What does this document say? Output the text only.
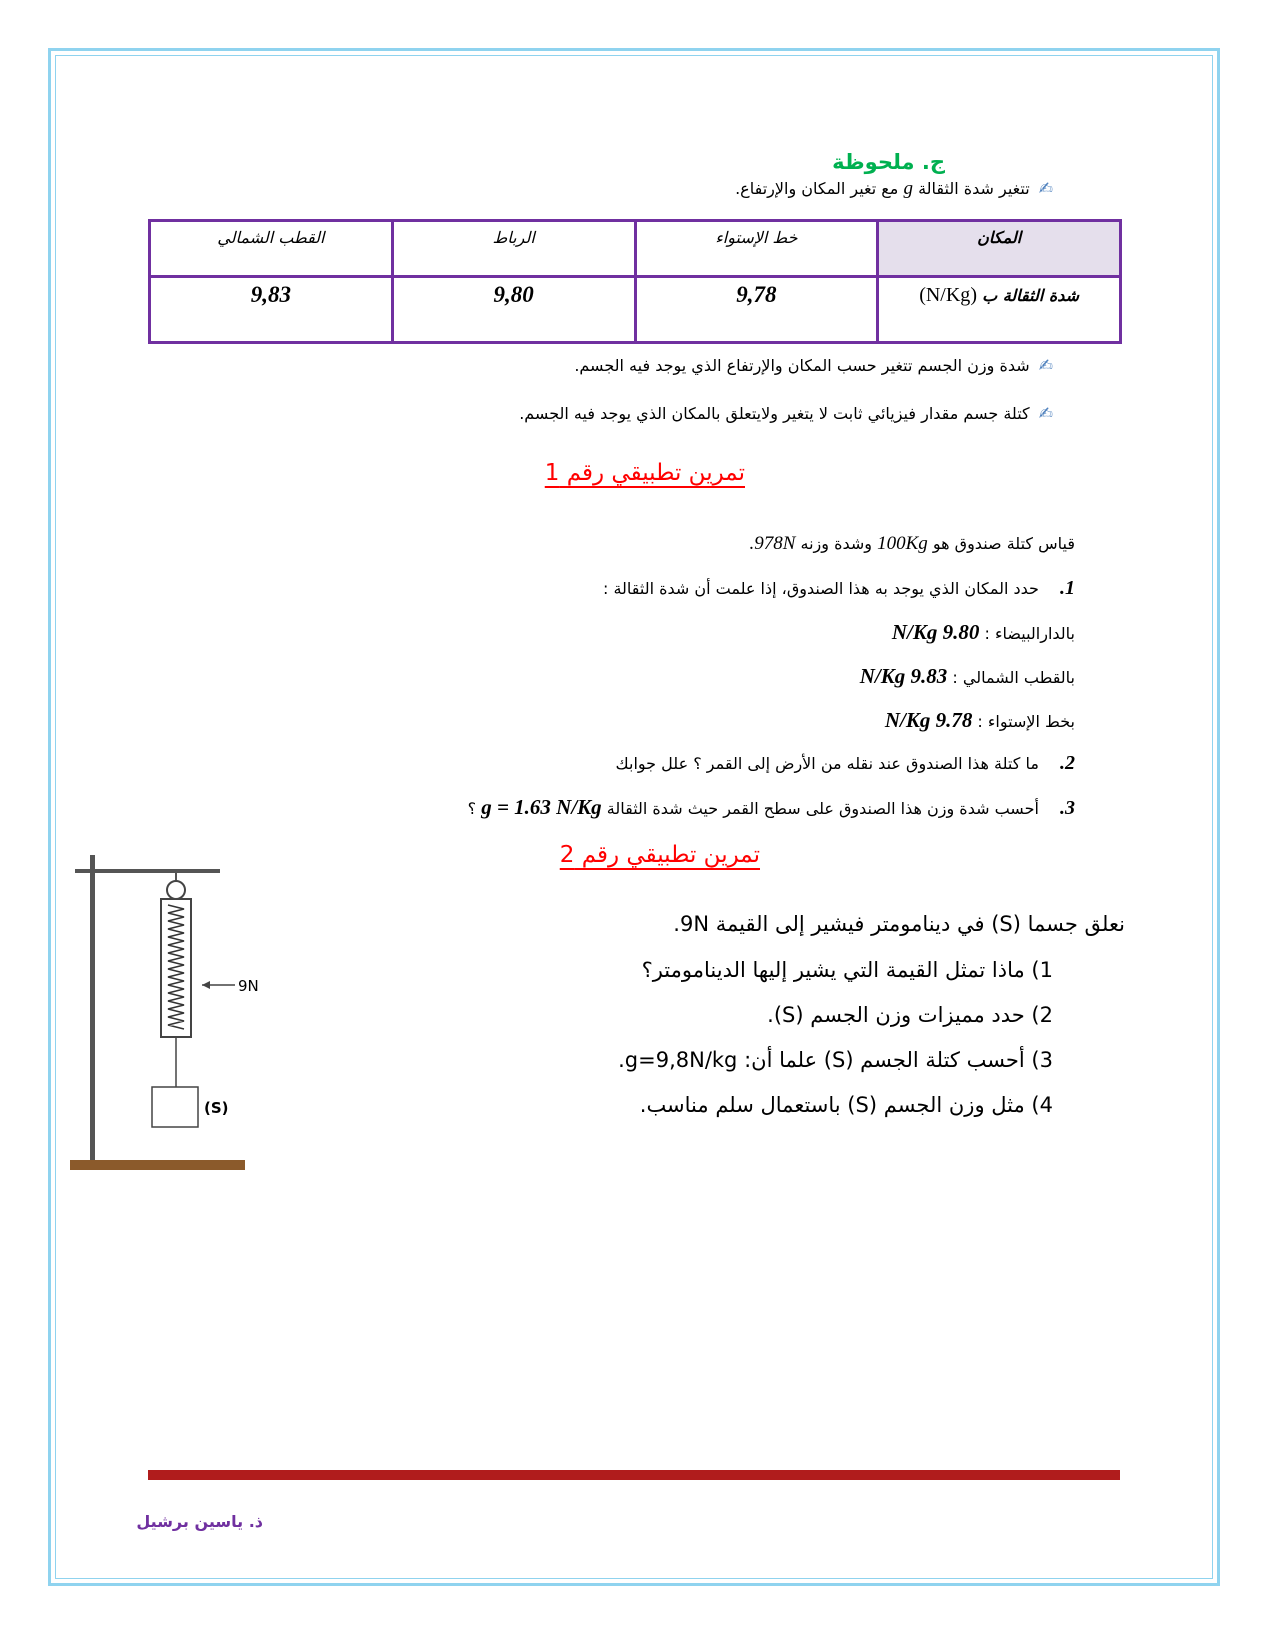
ج. ملحوظة
✍ تتغير شدة الثقالة g مع تغير المكان والإرتفاع.
المكان	خط الإستواء	الرباط	القطب الشمالي
شدة الثقالة ب (N/Kg)	9,78	9,80	9,83
✍ شدة وزن الجسم تتغير حسب المكان والإرتفاع الذي يوجد فيه الجسم.
✍ كتلة جسم مقدار فيزيائي ثابت لا يتغير ولايتعلق بالمكان الذي يوجد فيه الجسم.
تمرين تطبيقي رقم 1
قياس كتلة صندوق هو 100Kg وشدة وزنه 978N.
1. حدد المكان الذي يوجد به هذا الصندوق، إذا علمت أن شدة الثقالة :
بالدارالبيضاء : 9.80 N/Kg
بالقطب الشمالي : 9.83 N/Kg
بخط الإستواء : 9.78 N/Kg
2. ما كتلة هذا الصندوق عند نقله من الأرض إلى القمر ؟ علل جوابك
3. أحسب شدة وزن هذا الصندوق على سطح القمر حيث شدة الثقالة g = 1.63 N/Kg ؟
تمرين تطبيقي رقم 2
نعلق جسما (S) في دينامومتر فيشير إلى القيمة 9N.
1) ماذا تمثل القيمة التي يشير إليها الدينامومتر؟
2) حدد مميزات وزن الجسم (S).
3) أحسب كتلة الجسم (S) علما أن: g=9,8N/kg.
4) مثل وزن الجسم (S) باستعمال سلم مناسب.
(S)
9N
ذ. ياسين برشيل
